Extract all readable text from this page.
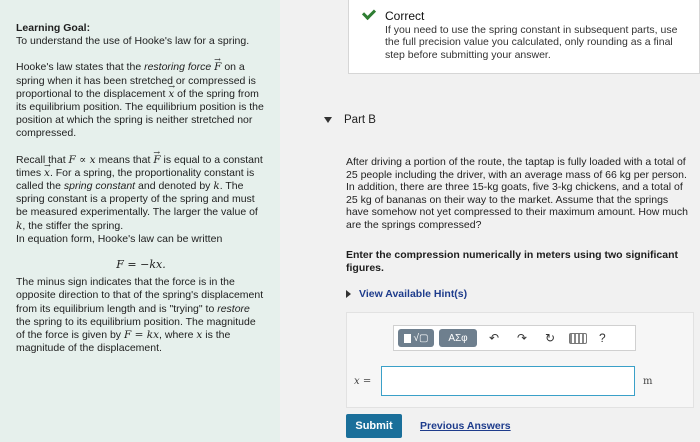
Learning Goal:

To understand the use of Hooke's law for a spring.

Hooke's law states that the restoring force → F on a spring when it has been stretched or compressed is proportional to the displacement → x of the spring from its equilibrium position. The equilibrium position is the position at which the spring is neither stretched nor compressed.

Recall that F ∝ x means that → F is equal to a constant times → x. For a spring, the proportionality constant is called the spring constant and denoted by k. The spring constant is a property of the spring and must be measured experimentally. The larger the value of k, the stiffer the spring.
In equation form, Hooke's law can be written

F = −kx.

The minus sign indicates that the force is in the opposite direction to that of the spring's displacement from its equilibrium length and is "trying" to restore the spring to its equilibrium position. The magnitude of the force is given by F = kx, where x is the magnitude of the displacement.

Correct
If you need to use the spring constant in subsequent parts, use the full precision value you calculated, only rounding as a final step before submitting your answer.
Part B
After driving a portion of the route, the taptap is fully loaded with a total of 25 people including the driver, with an average mass of 66 kg per person. In addition, there are three 15-kg goats, five 3-kg chickens, and a total of 25 kg of bananas on their way to the market. Assume that the springs have somehow not yet compressed to their maximum amount. How much are the springs compressed?
Enter the compression numerically in meters using two significant figures.
View Available Hint(s)
√▢	ΑΣφ	↶	↷	↻	?
x =	m
Submit	Previous Answers
